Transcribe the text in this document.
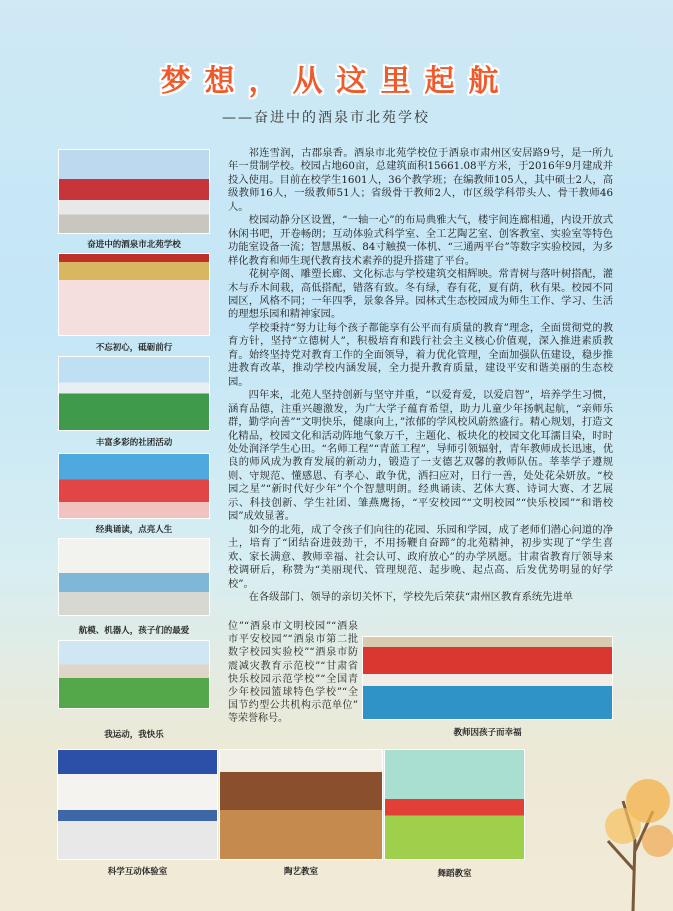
梦想，从这里起航
——奋进中的酒泉市北苑学校
奋进中的酒泉市北苑学校
不忘初心，砥砺前行
丰富多彩的社团活动
经典诵读，点亮人生
航模、机器人，孩子们的最爱
我运动，我快乐

祁连雪润，古郡泉香。酒泉市北苑学校位于酒泉市肃州区安居路9号，是一所九年一贯制学校。校园占地60亩，总建筑面积15661.08平方米，于2016年9月建成并投入使用。目前在校学生1601人，36个教学班；在编教师105人，其中硕士2人，高级教师16人，一级教师51人；省级骨干教师2人，市区级学科带头人、骨干教师46人。

校园动静分区设置，“一轴一心”的布局典雅大气，楼宇间连廊相通，内设开放式休闲书吧，开卷畅朗；互动体验式科学室、全工艺陶艺室、创客教室、实验室等特色功能室设备一流；智慧黑板、84寸触摸一体机、“三通两平台”等数字实验校园，为多样化教育和师生现代教育技术素养的提升搭建了平台。

花树亭阁、雕塑长廊、文化标志与学校建筑交相辉映。常青树与落叶树搭配，灌木与乔木间栽，高低搭配，错落有致。冬有绿，春有花，夏有荫，秋有果。校园不同园区，风格不同；一年四季，景象各异。园林式生态校园成为师生工作、学习、生活的理想乐园和精神家园。

学校秉持“努力让每个孩子都能享有公平而有质量的教育”理念，全面贯彻党的教育方针，坚持“立德树人”，积极培育和践行社会主义核心价值观，深入推进素质教育。始终坚持党对教育工作的全面领导，着力优化管理，全面加强队伍建设，稳步推进教育改革，推动学校内涵发展，全力提升教育质量，建设平安和谐美丽的生态校园。

四年来，北苑人坚持创新与坚守并重，“以爱育爱，以爱启智”，培养学生习惯，涵育品德，注重兴趣激发，为广大学子蕴育希望，助力儿童少年扬帆起航，“亲师乐群，勤学向善”“文明快乐，健康向上，”浓郁的学风校风蔚然盛行。精心规划，打造文化精品，校园文化和活动阵地气象万千，主题化、板块化的校园文化耳濡目染，时时处处润泽学生心田。“名师工程”“青蓝工程”，导师引领辐射，青年教师成长迅速，优良的师风成为教育发展的新动力，锻造了一支德艺双馨的教师队伍。莘莘学子遵规则、守规范、懂感恩、有孝心、敢争优，洒扫应对，日行一善，处处花朵妍放。“校园之星”“新时代好少年”个个智慧明朗。经典诵读、艺体大赛、诗词大赛、才艺展示、科技创新、学生社团、雏燕鹰扬，“平安校园”“文明校园”“快乐校园”“和谐校园”成效显著。

如今的北苑，成了令孩子们向往的花园、乐园和学园，成了老师们潜心问道的净土，培育了“团结奋进鼓劲干，不用扬鞭自奋蹄”的北苑精神，初步实现了“学生喜欢、家长满意、教师幸福、社会认可、政府放心”的办学夙愿。甘肃省教育厅领导来校调研后，称赞为“美丽现代、管理规范、起步晚、起点高、后发优势明显的好学校”。

在各级部门、领导的亲切关怀下，学校先后荣获“肃州区教育系统先进单

位”“酒泉市文明校园”“酒泉市平安校园”“酒泉市第二批数字校园实验校”“酒泉市防震减灾教育示范校”“甘肃省快乐校园示范学校”“全国青少年校园篮球特色学校”“全国节约型公共机构示范单位”等荣誉称号。
教师因孩子而幸福
科学互动体验室	陶艺教室	舞蹈教室
